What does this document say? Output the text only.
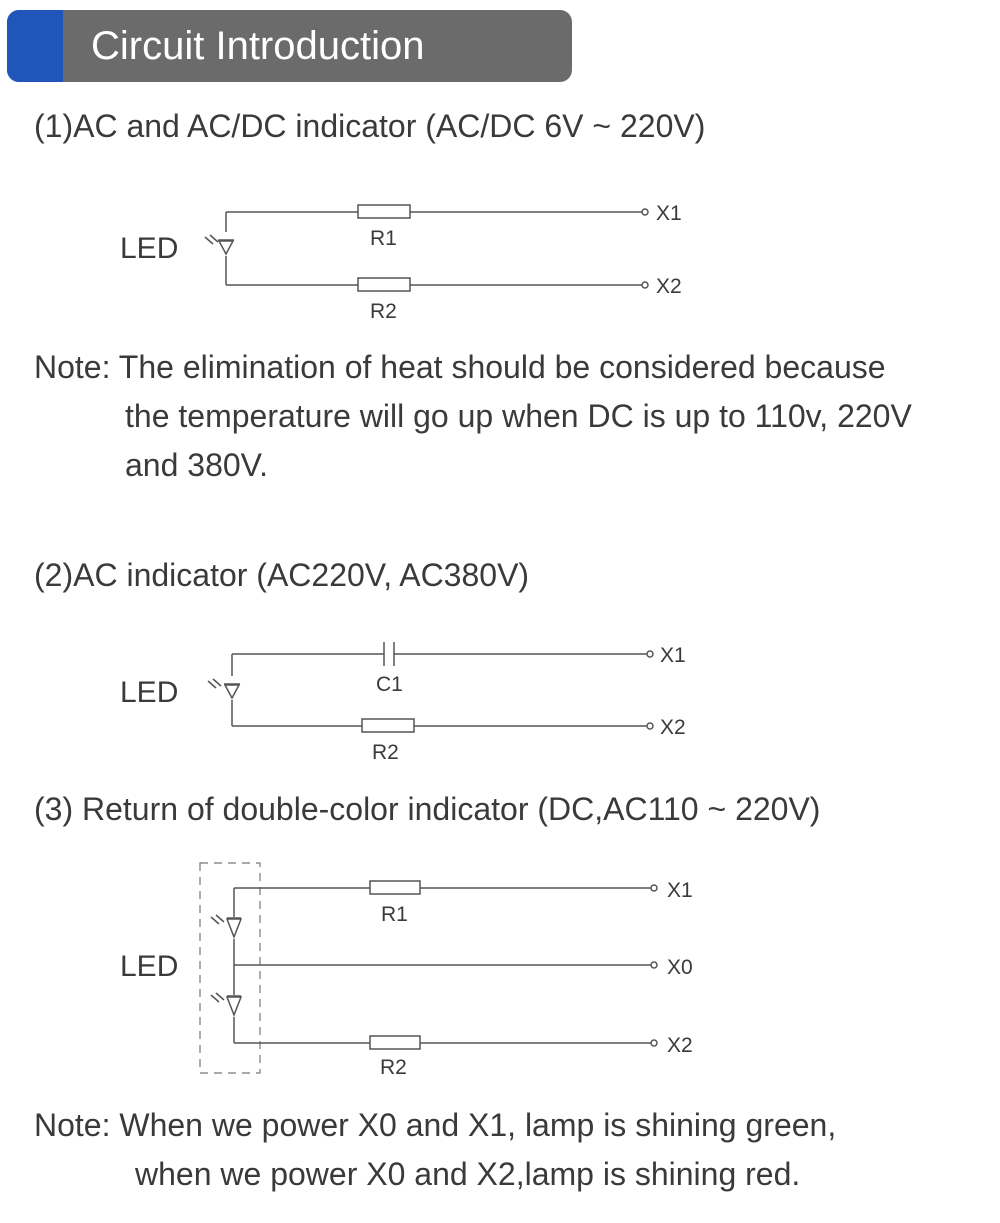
Circuit Introduction
(1)AC and AC/DC indicator (AC/DC 6V ~ 220V)
LED	R1
R2
X1
X2
Note: The elimination of heat should be considered because
the temperature will go up when DC is up to 110v, 220V
and 380V.
(2)AC indicator (AC220V, AC380V)
LED	C1
R2
X1
X2
(3) Return of double-color indicator (DC,AC110 ~ 220V)
LED
R1
R2
X1
X0
X2
Note: When we power X0 and X1, lamp is shining green,
when we power X0 and X2,lamp is shining red.
